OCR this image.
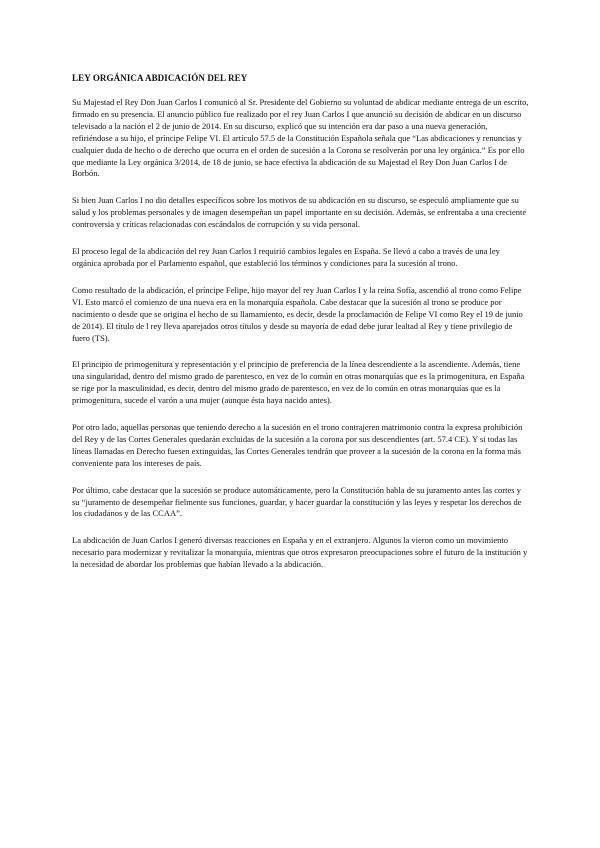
LEY ORGÁNICA ABDICACIÓN DEL REY

Su Majestad el Rey Don Juan Carlos I comunicó al Sr. Presidente del Gobierno su voluntad de abdicar mediante entrega de un escrito, firmado en su presencia. El anuncio público fue realizado por el rey Juan Carlos I que anunció su decisión de abdicar en un discurso televisado a la nación el 2 de junio de 2014. En su discurso, explicó que su intención era dar paso a una nueva generación, refiriéndose a su hijo, el príncipe Felipe VI. El artículo 57.5 de la Constitución Española señala que “Las abdicaciones y renuncias y cualquier duda de hecho o de derecho que ocurra en el orden de sucesión a la Corona se resolverán por una ley orgánica.” Es por ello que mediante la Ley orgánica 3/2014, de 18 de junio, se hace efectiva la abdicación de su Majestad el Rey Don Juan Carlos I de Borbón.

Si bien Juan Carlos I no dio detalles específicos sobre los motivos de su abdicación en su discurso, se especuló ampliamente que su salud y los problemas personales y de imagen desempeñan un papel importante en su decisión. Además, se enfrentaba a una creciente controversia y críticas relacionadas con escándalos de corrupción y su vida personal.

El proceso legal de la abdicación del rey Juan Carlos I requirió cambios legales en España. Se llevó a cabo a través de una ley orgánica aprobada por el Parlamento español, que estableció los términos y condiciones para la sucesión al trono.

Como resultado de la abdicación, el príncipe Felipe, hijo mayor del rey Juan Carlos I y la reina Sofía, ascendió al trono como Felipe VI. Esto marcó el comienzo de una nueva era en la monarquía española. Cabe destacar que la sucesión al trono se produce por nacimiento o desde que se origina el hecho de su llamamiento, es decir, desde la proclamación de Felipe VI como Rey el 19 de junio de 2014). El título de l rey lleva aparejados otros títulos y desde su mayoría de edad debe jurar lealtad al Rey y tiene privilegio de fuero (TS).

El principio de primogenitura y representación y el principio de preferencia de la línea descendiente a la ascendiente. Además, tiene una singularidad, dentro del mismo grado de parentesco, en vez de lo común en otras monarquías que es la primogenitura, en España se rige por la masculinidad, es decir, dentro del mismo grado de parentesco, en vez de lo común en otras monarquías que es la primogenitura, sucede el varón a una mujer (aunque ésta haya nacido antes).

Por otro lado, aquellas personas que teniendo derecho a la sucesión en el trono contrajeren matrimonio contra la expresa prohibición del Rey y de las Cortes Generales quedarán excluidas de la sucesión a la corona por sus descendientes (art. 57.4 CE). Y si todas las líneas llamadas en Derecho fuesen extinguidas, las Cortes Generales tendrán que proveer a la sucesión de la corona en la forma más conveniente para los intereses de país.

Por último, cabe destacar que la sucesión se produce automáticamente, pero la Constitución habla de su juramento antes las cortes y su “juramento de desempeñar fielmente sus funciones, guardar, y hacer guardar la constitución y las leyes y respetar los derechos de los ciudadanos y de las CCAA”.

La abdicación de Juan Carlos I generó diversas reacciones en España y en el extranjero. Algunos la vieron como un movimiento necesario para modernizar y revitalizar la monarquía, mientras que otros expresaron preocupaciones sobre el futuro de la institución y la necesidad de abordar los problemas que habían llevado a la abdicación.
